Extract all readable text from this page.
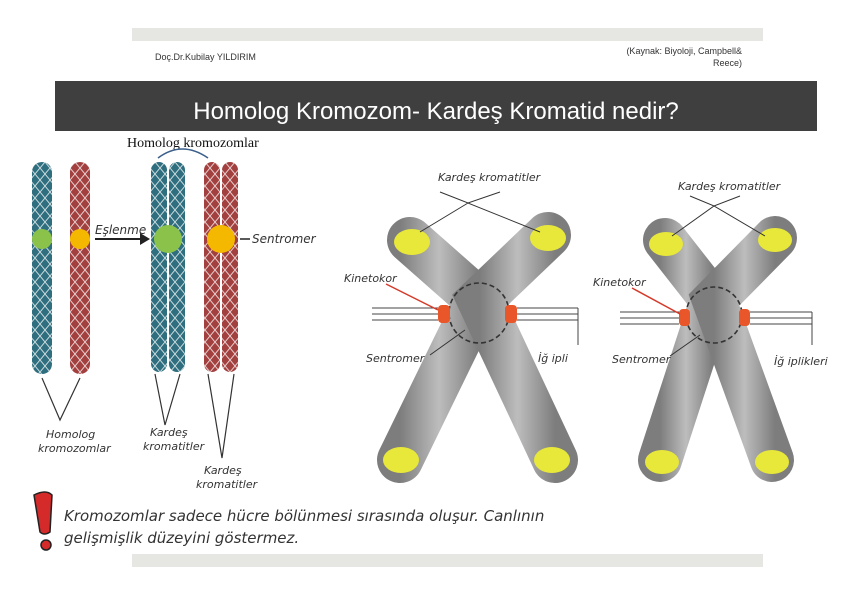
Doç.Dr.Kubilay YILDIRIM
(Kaynak: Biyoloji, Campbell&
Reece)
Homolog Kromozom- Kardeş Kromatid nedir?
Homolog kromozomlar
Eşlenme
Sentromer
Homolog
kromozomlar
Kardeş
kromatitler
Kardeş
kromatitler
Kardeş kromatitler
Kinetokor
Sentromer	İğ ipli
Kardeş kromatitler
Kinetokor
Sentromer	İğ iplikleri
Kromozomlar sadece hücre bölünmesi sırasında oluşur. Canlının
gelişmişlik düzeyini göstermez.
